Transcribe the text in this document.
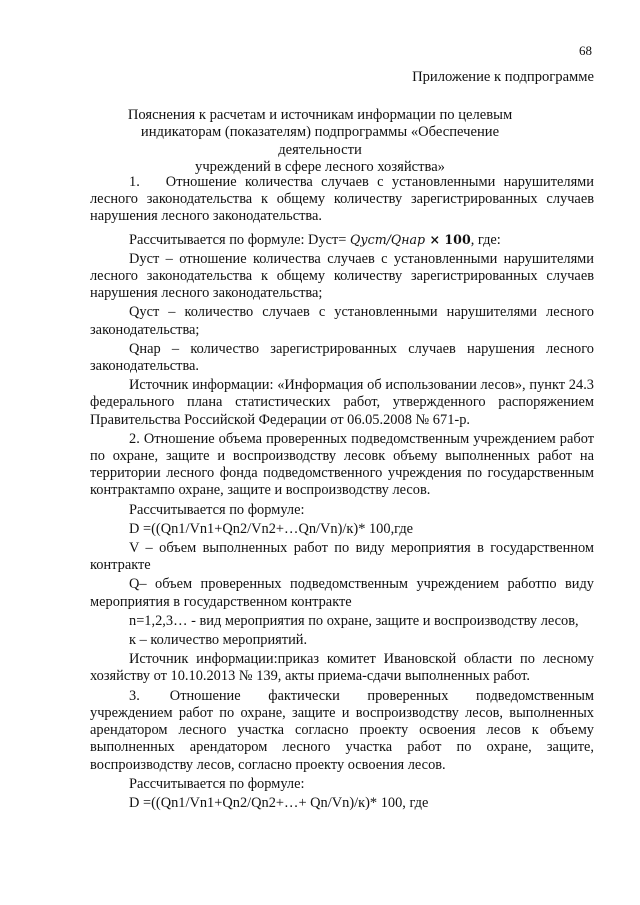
68
Приложение к подпрограмме
Пояснения к расчетам и источникам информации по целевым
индикаторам (показателям) подпрограммы «Обеспечение деятельности
учреждений в сфере лесного хозяйства»

1. Отношение количества случаев с установленными нарушителями лесного законодательства к общему количеству зарегистрированных случаев нарушения лесного законодательства.

Рассчитывается по формуле: Dуст= Qуст/Qнар × 100, где:

Dуст – отношение количества случаев с установленными нарушителями лесного законодательства к общему количеству зарегистрированных случаев нарушения лесного законодательства;

Qуст – количество случаев с установленными нарушителями лесного законодательства;

Qнар – количество зарегистрированных случаев нарушения лесного законодательства.

Источник информации: «Информация об использовании лесов», пункт 24.3 федерального плана статистических работ, утвержденного распоряжением Правительства Российской Федерации от 06.05.2008 № 671-р.

2. Отношение объема проверенных подведомственным учреждением работ по охране, защите и воспроизводству лесовк объему выполненных работ на территории лесного фонда подведомственного учреждения по государственным контрактампо охране, защите и воспроизводству лесов.

Рассчитывается по формуле:

D =((Qn1/Vn1+Qn2/Vn2+…Qn/Vn)/к)* 100,где

V – объем выполненных работ по виду мероприятия в государственном контракте

Q– объем проверенных подведомственным учреждением работпо виду мероприятия в государственном контракте

n=1,2,3… - вид мероприятия по охране, защите и воспроизводству лесов,

к – количество мероприятий.

Источник информации:приказ комитет Ивановской области по лесному хозяйству от 10.10.2013 № 139, акты приема-сдачи выполненных работ.

3. Отношение фактически проверенных подведомственным учреждением работ по охране, защите и воспроизводству лесов, выполненных арендатором лесного участка согласно проекту освоения лесов к объему выполненных арендатором лесного участка работ по охране, защите, воспроизводству лесов, согласно проекту освоения лесов.

Рассчитывается по формуле:

D =((Qn1/Vn1+Qn2/Qn2+…+ Qn/Vn)/к)* 100, где
